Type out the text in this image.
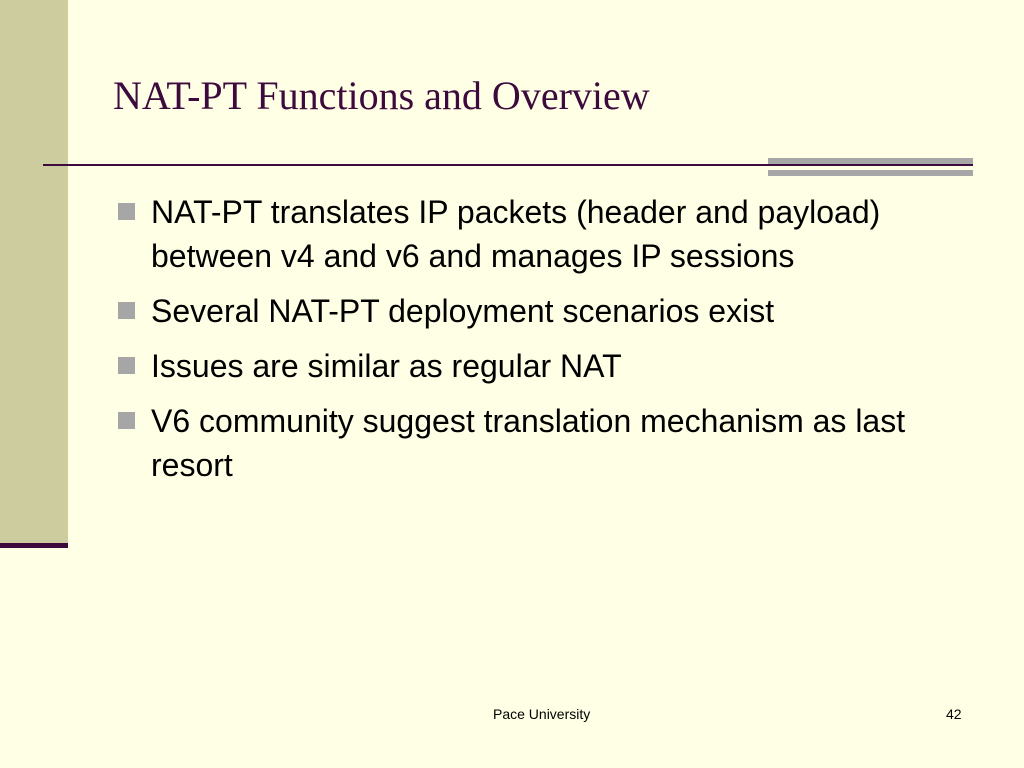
NAT-PT Functions and Overview
NAT-PT translates IP packets (header and payload) between v4 and v6 and manages IP sessions
Several NAT-PT deployment scenarios exist
Issues are similar as regular NAT
V6 community suggest translation mechanism as last resort
Pace University	42
